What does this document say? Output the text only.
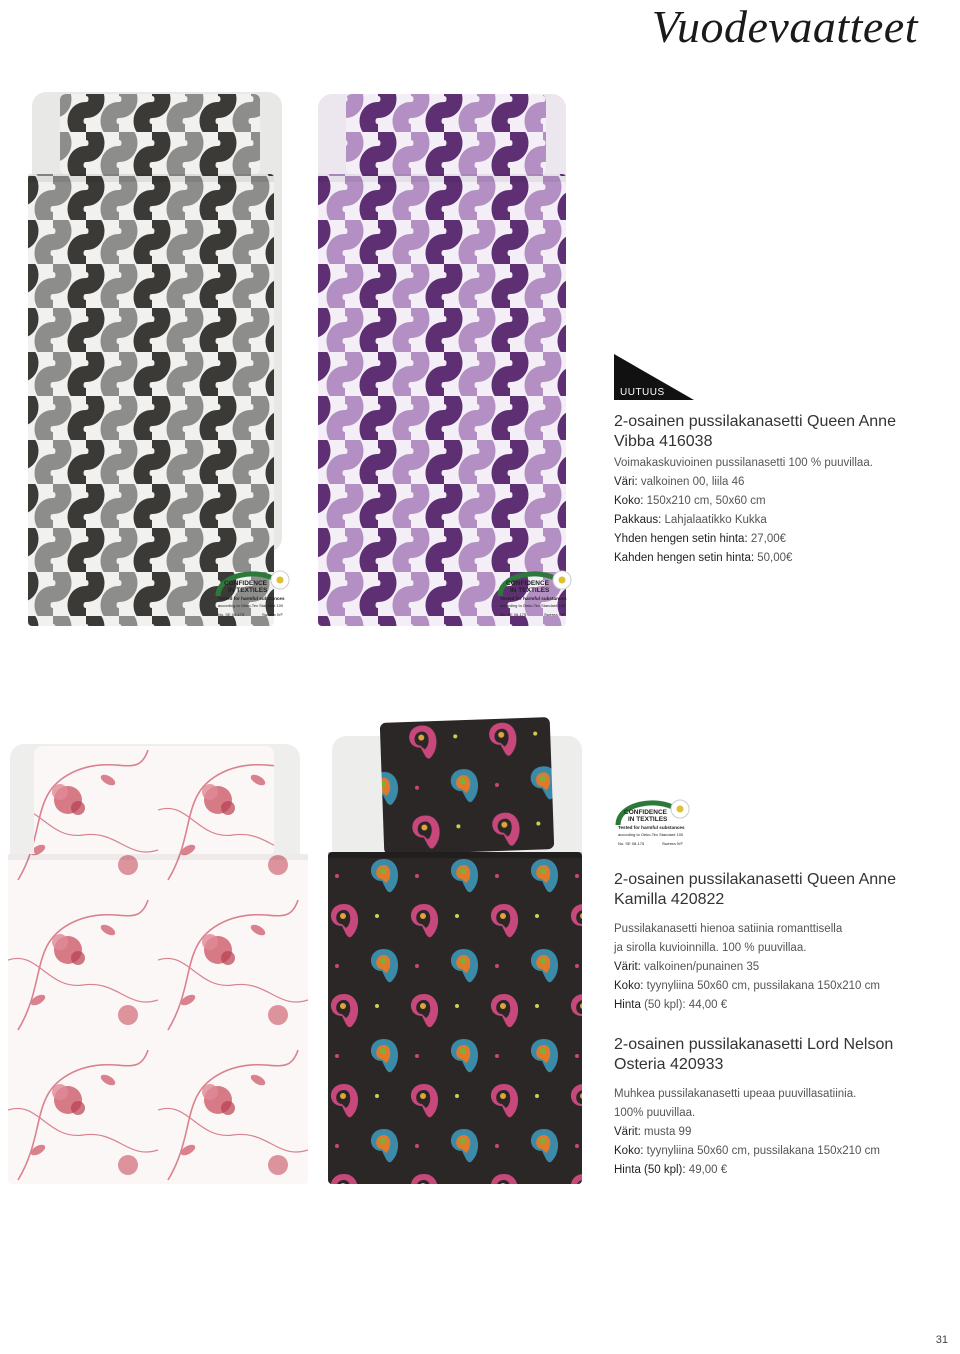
Vuodevaatteet
CONFIDENCE
IN TEXTILES
Tested for harmful substances
according to Oeko-Tex Standard 100
No. SE 08-175	Swerea IVF
CONFIDENCE
IN TEXTILES
Tested for harmful substances
according to Oeko-Tex Standard 100
No. SE 08-175	Swerea IVF
CONFIDENCE
IN TEXTILES
Tested for harmful substances
according to Oeko-Tex Standard 100
No. SE 08-175	Swerea IVF
UUTUUS
2-osainen pussilakanasetti Queen Anne
Vibba 416038

Voimakaskuvioinen pussilanasetti 100 % puuvillaa.

Väri: valkoinen 00, liila 46

Koko: 150x210 cm, 50x60 cm

Pakkaus: Lahjalaatikko Kukka

Yhden hengen setin hinta: 27,00€

Kahden hengen setin hinta: 50,00€

2-osainen pussilakanasetti Queen Anne
Kamilla 420822

Pussilakanasetti hienoa satiinia romanttisella

ja sirolla kuvioinnilla. 100 % puuvillaa.

Värit: valkoinen/punainen 35

Koko: tyynyliina 50x60 cm, pussilakana 150x210 cm

Hinta (50 kpl): 44,00 €

2-osainen pussilakanasetti Lord Nelson
Osteria 420933

Muhkea pussilakanasetti upeaa puuvillasatiinia.

100% puuvillaa.

Värit: musta 99

Koko: tyynyliina 50x60 cm, pussilakana 150x210 cm

Hinta (50 kpl): 49,00 €

31
